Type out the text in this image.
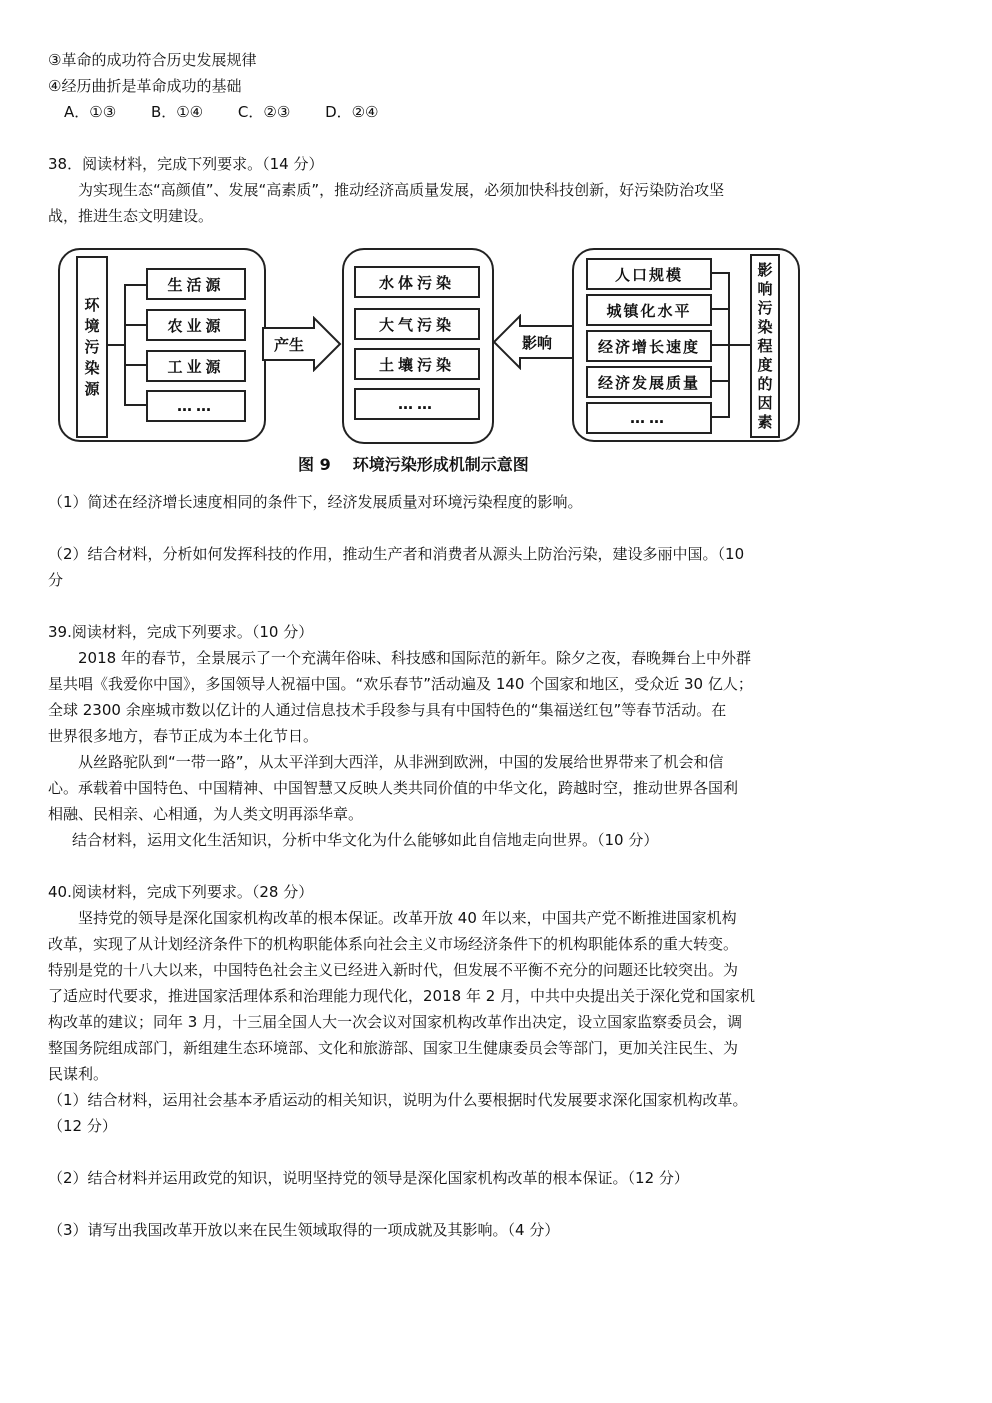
③革命的成功符合历史发展规律
④经历曲折是革命成功的基础
A．①③ B．①④ C．②③ D．②④
38．阅读材料，完成下列要求。（14 分）
为实现生态“高颜值”、发展“高素质”，推动经济高质量发展，必须加快科技创新，好污染防治攻坚
战，推进生态文明建设。
环
境
污
染
源
生活源
农业源
工业源
……
产生
水体污染
大气污染
土壤污染
……
影响
人口规模
城镇化水平
经济增长速度
经济发展质量
……
影
响
污
染
程
度
的
因
素
图 9 环境污染形成机制示意图
（1）简述在经济增长速度相同的条件下，经济发展质量对环境污染程度的影响。
（2）结合材料，分析如何发挥科技的作用，推动生产者和消费者从源头上防治污染，建设多丽中国。（10
分
39.阅读材料，完成下列要求。（10 分）
2018 年的春节，全景展示了一个充满年俗味、科技感和国际范的新年。除夕之夜，春晚舞台上中外群
星共唱《我爱你中国》，多国领导人祝福中国。“欢乐春节”活动遍及 140 个国家和地区，受众近 30 亿人；
全球 2300 余座城市数以亿计的人通过信息技术手段参与具有中国特色的“集福送红包”等春节活动。在
世界很多地方，春节正成为本土化节日。
从丝路驼队到“一带一路”，从太平洋到大西洋，从非洲到欧洲，中国的发展给世界带来了机会和信
心。承载着中国特色、中国精神、中国智慧又反映人类共同价值的中华文化，跨越时空，推动世界各国利
相融、民相亲、心相通，为人类文明再添华章。
结合材料，运用文化生活知识，分析中华文化为什么能够如此自信地走向世界。（10 分）
40.阅读材料，完成下列要求。（28 分）
坚持党的领导是深化国家机构改革的根本保证。改革开放 40 年以来，中国共产党不断推进国家机构
改革，实现了从计划经济条件下的机构职能体系向社会主义市场经济条件下的机构职能体系的重大转变。
特别是党的十八大以来，中国特色社会主义已经进入新时代，但发展不平衡不充分的问题还比较突出。为
了适应时代要求，推进国家活理体系和治理能力现代化，2018 年 2 月，中共中央提出关于深化党和国家机
构改革的建议；同年 3 月，十三届全国人大一次会议对国家机构改革作出决定，设立国家监察委员会，调
整国务院组成部门，新组建生态环境部、文化和旅游部、国家卫生健康委员会等部门，更加关注民生、为
民谋利。
（1）结合材料，运用社会基本矛盾运动的相关知识，说明为什么要根据时代发展要求深化国家机构改革。
（12 分）
（2）结合材料并运用政党的知识，说明坚持党的领导是深化国家机构改革的根本保证。（12 分）
（3）请写出我国改革开放以来在民生领域取得的一项成就及其影响。（4 分）
